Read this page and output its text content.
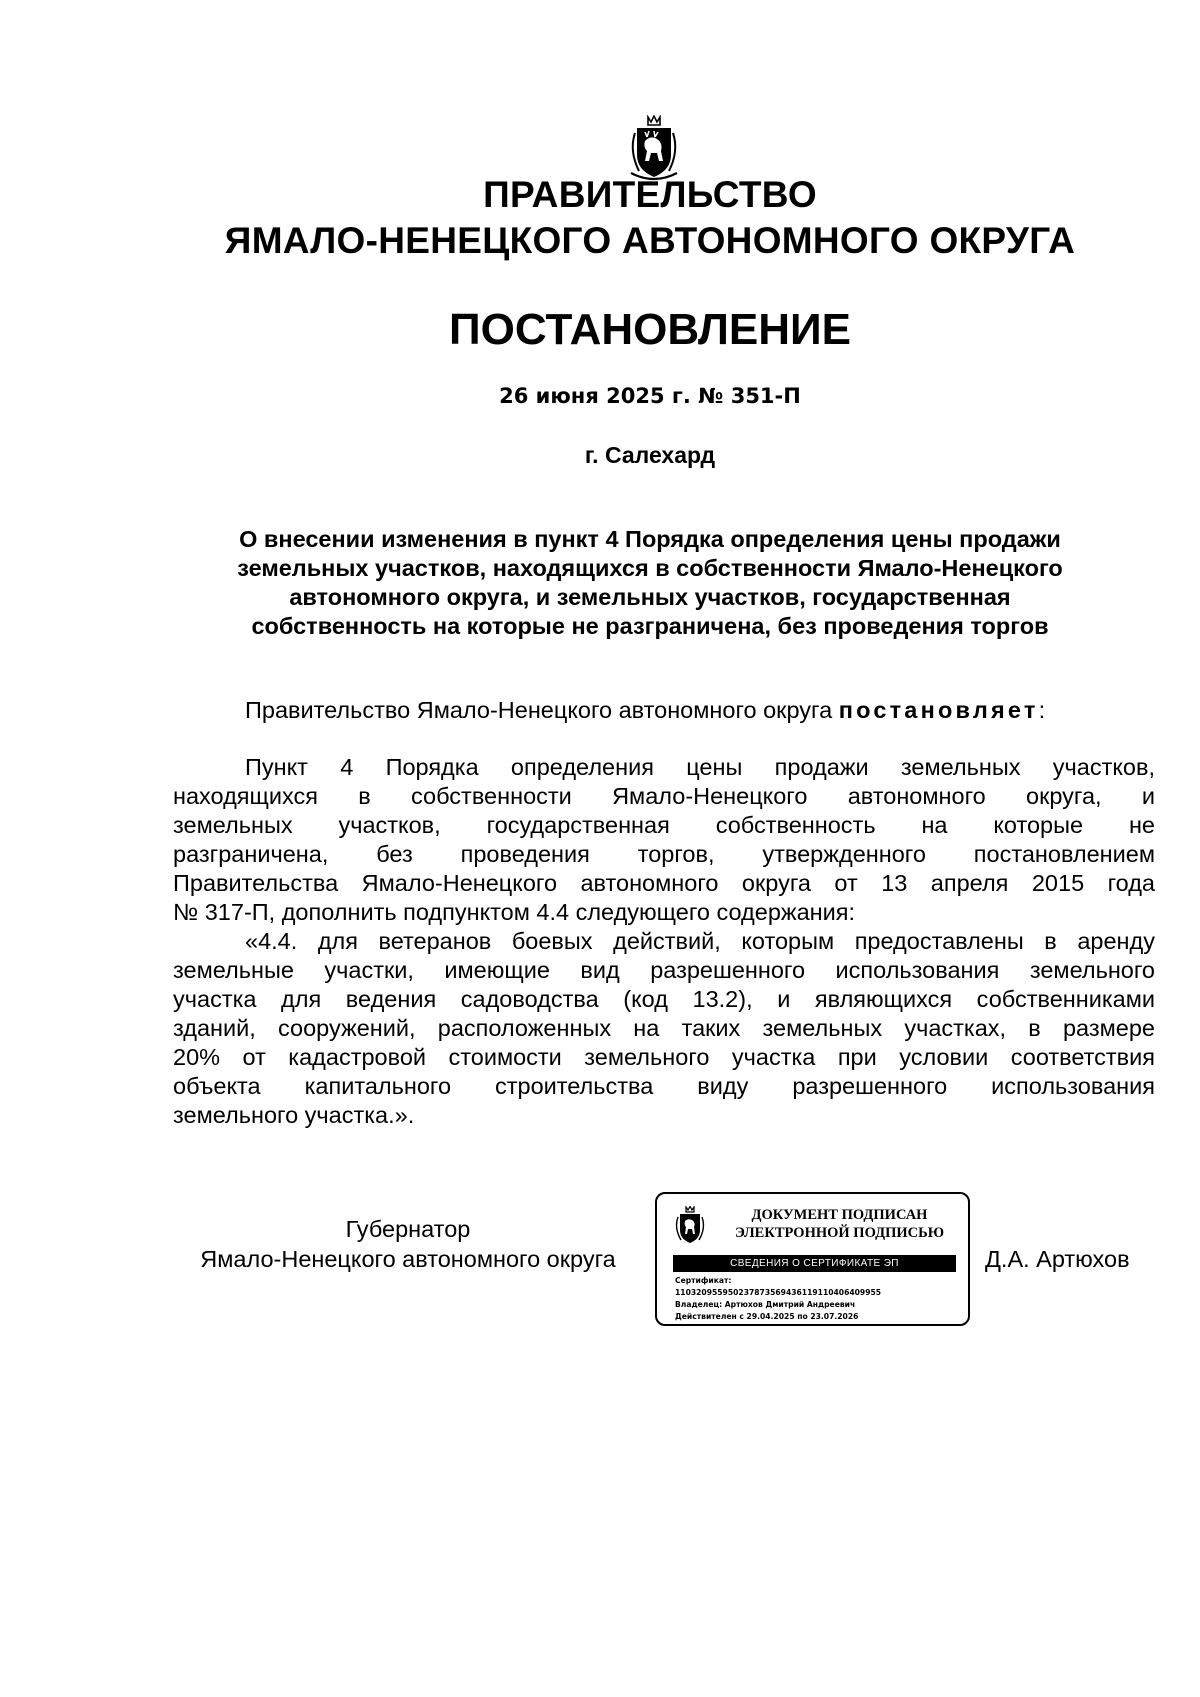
ПРАВИТЕЛЬСТВО
ЯМАЛО-НЕНЕЦКОГО АВТОНОМНОГО ОКРУГА
ПОСТАНОВЛЕНИЕ
26 июня 2025 г. № 351-П
г. Салехард
О внесении изменения в пункт 4 Порядка определения цены продажи
земельных участков, находящихся в собственности Ямало-Ненецкого
автономного округа, и земельных участков, государственная
собственность на которые не разграничена, без проведения торгов
Правительство Ямало-Ненецкого автономного округа постановляет:
Пункт 4 Порядка определения цены продажи земельных участков,
находящихся в собственности Ямало-Ненецкого автономного округа, и
земельных участков, государственная собственность на которые не
разграничена, без проведения торгов, утвержденного постановлением
Правительства Ямало-Ненецкого автономного округа от 13 апреля 2015 года
№ 317-П, дополнить подпунктом 4.4 следующего содержания:
«4.4. для ветеранов боевых действий, которым предоставлены в аренду
земельные участки, имеющие вид разрешенного использования земельного
участка для ведения садоводства (код 13.2), и являющихся собственниками
зданий, сооружений, расположенных на таких земельных участках, в размере
20% от кадастровой стоимости земельного участка при условии соответствия
объекта капитального строительства виду разрешенного использования
земельного участка.».
Губернатор
Ямало-Ненецкого автономного округа
ДОКУМЕНТ ПОДПИСАН
ЭЛЕКТРОННОЙ ПОДПИСЬЮ
СВЕДЕНИЯ О СЕРТИФИКАТЕ ЭП
Сертификат:
110320955950237873569436119110406409955
Владелец: Артюхов Дмитрий Андреевич
Действителен с 29.04.2025 по 23.07.2026
Д.А. Артюхов
